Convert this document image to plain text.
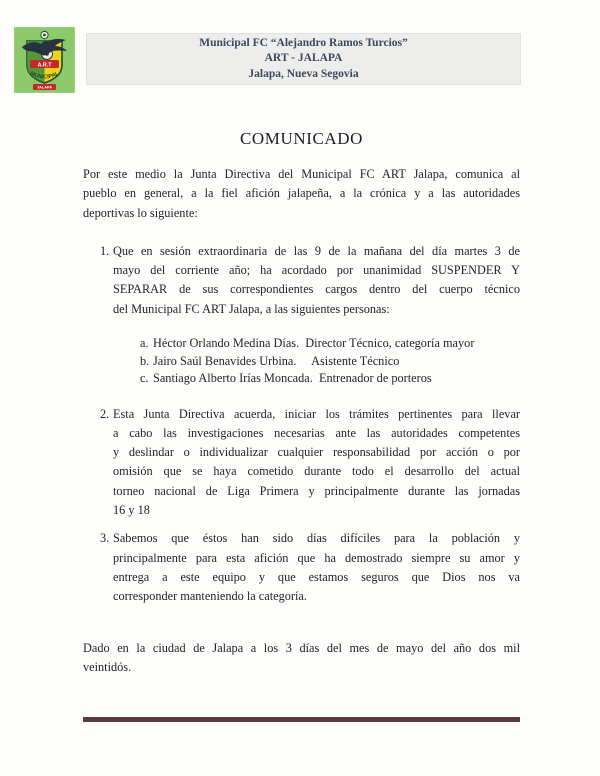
A.R.T
MUNICIPAL
JALAPA
Municipal FC “Alejandro Ramos Turcios”
ART - JALAPA
Jalapa, Nueva Segovia
COMUNICADO
Por este medio la Junta Directiva del Municipal FC ART Jalapa, comunica al
pueblo en general, a la fiel afición jalapeña, a la crónica y a las autoridades
deportivas lo siguiente:
1. Que en sesión extraordinaria de las 9 de la mañana del día martes 3 de
mayo del corriente año; ha acordado por unanimidad SUSPENDER Y
SEPARAR de sus correspondientes cargos dentro del cuerpo técnico
del Municipal FC ART Jalapa, a las siguientes personas:
a. Héctor Orlando Medina Días.  Director Técnico, categoría mayor
b. Jairo Saúl Benavides Urbina.     Asistente Técnico
c. Santiago Alberto Irías Moncada.  Entrenador de porteros
2. Esta Junta Directiva acuerda, iniciar los trámites pertinentes para llevar
a cabo las investigaciones necesarias ante las autoridades competentes
y deslindar o individualizar cualquier responsabilidad por acción o por
omisión que se haya cometido durante todo el desarrollo del actual
torneo nacional de Liga Primera y principalmente durante las jornadas
16 y 18
3. Sabemos que éstos han sido días difíciles para la población y
principalmente para esta afición que ha demostrado siempre su amor y
entrega a este equipo y que estamos seguros que Dios nos va
corresponder manteniendo la categoría.
Dado en la ciudad de Jalapa a los 3 días del mes de mayo del año dos mil
veintidós.
